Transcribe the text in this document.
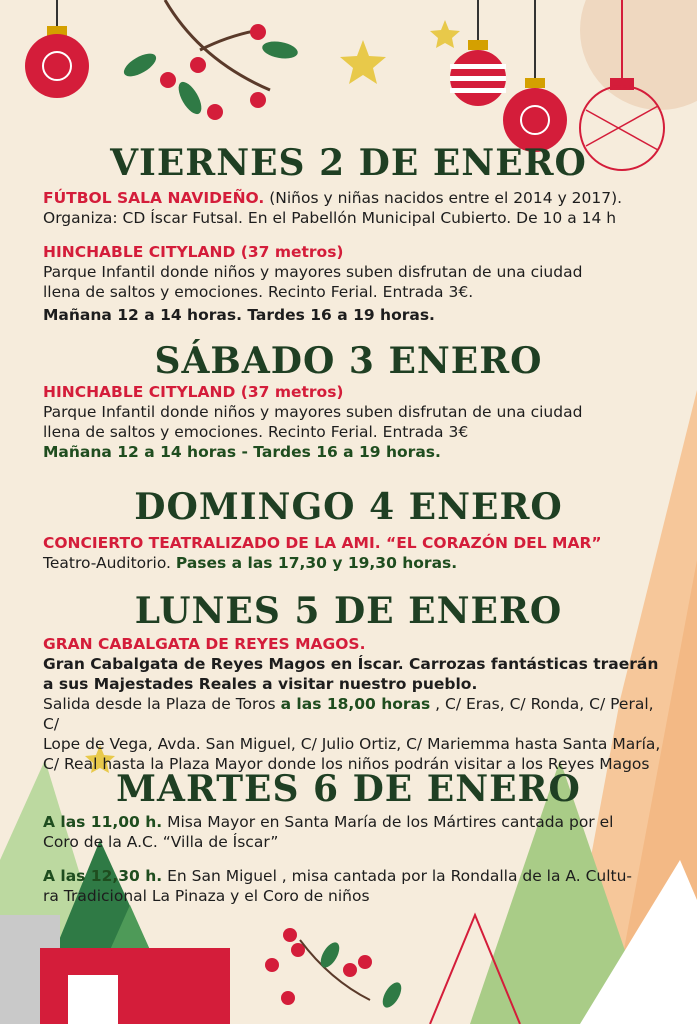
VIERNES 2 DE ENERO
SÁBADO 3 ENERO
DOMINGO 4 ENERO
LUNES 5 DE ENERO
MARTES 6 DE ENERO
FÚTBOL SALA NAVIDEÑO. (Niños y niñas nacidos entre el 2014 y 2017).
Organiza: CD Íscar Futsal. En el Pabellón Municipal Cubierto. De 10 a 14 h
HINCHABLE CITYLAND (37 metros)
Parque Infantil donde niños y mayores suben disfrutan de una ciudad
llena de saltos y emociones. Recinto Ferial. Entrada 3€.
Mañana 12 a 14 horas. Tardes 16 a 19 horas.
HINCHABLE CITYLAND (37 metros)
Parque Infantil donde niños y mayores suben disfrutan de una ciudad
llena de saltos y emociones. Recinto Ferial. Entrada 3€
Mañana 12 a 14 horas - Tardes 16 a 19 horas.
CONCIERTO TEATRALIZADO DE LA AMI. “EL CORAZÓN DEL MAR”
Teatro-Auditorio. Pases a las 17,30 y 19,30 horas.
GRAN CABALGATA DE REYES MAGOS.
Gran Cabalgata de Reyes Magos en Íscar. Carrozas fantásticas traerán
a sus Majestades Reales a visitar nuestro pueblo.
Salida desde la Plaza de Toros a las 18,00 horas , C/ Eras, C/ Ronda, C/ Peral, C/
Lope de Vega, Avda. San Miguel, C/ Julio Ortiz, C/ Mariemma hasta Santa María,
C/ Real hasta la Plaza Mayor donde los niños podrán visitar a los Reyes Magos
A las 11,00 h. Misa Mayor en Santa María de los Mártires cantada por el
Coro de la A.C. “Villa de Íscar”
A las 12,30 h. En San Miguel , misa cantada por la Rondalla de la A. Cultu-
ra Tradicional La Pinaza y el Coro de niños
